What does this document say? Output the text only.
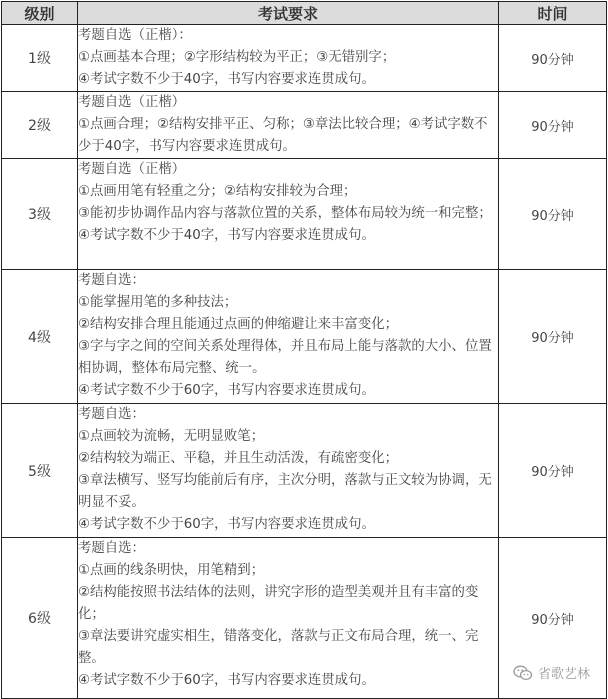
级别	考试要求	时间
1级	考题自选（正楷）：
①点画基本合理；②字形结构较为平正；③无错别字；
④考试字数不少于40字，书写内容要求连贯成句。	90分钟
2级	考题自选（正楷）
①点画合理；②结构安排平正、匀称；③章法比较合理；④考试字数不少于40字，书写内容要求连贯成句。	90分钟
3级	考题自选（正楷）
①点画用笔有轻重之分；②结构安排较为合理；
③能初步协调作品内容与落款位置的关系，整体布局较为统一和完整；
④考试字数不少于40字，书写内容要求连贯成句。	90分钟
4级	考题自选：
①能掌握用笔的多种技法；
②结构安排合理且能通过点画的伸缩避让来丰富变化；
③字与字之间的空间关系处理得体，并且布局上能与落款的大小、位置相协调，整体布局完整、统一。
④考试字数不少于60字，书写内容要求连贯成句。	90分钟
5级	考题自选：
①点画较为流畅，无明显败笔；
②结构较为端正、平稳，并且生动活泼，有疏密变化；
③章法横写、竖写均能前后有序，主次分明，落款与正文较为协调，无明显不妥。
④考试字数不少于60字，书写内容要求连贯成句。	90分钟
6级	考题自选：
①点画的线条明快，用笔精到；
②结构能按照书法结体的法则，讲究字形的造型美观并且有丰富的变化；
③章法要讲究虚实相生，错落变化，落款与正文布局合理，统一、完整。
④考试字数不少于60字，书写内容要求连贯成句。	90分钟
省歌艺林
